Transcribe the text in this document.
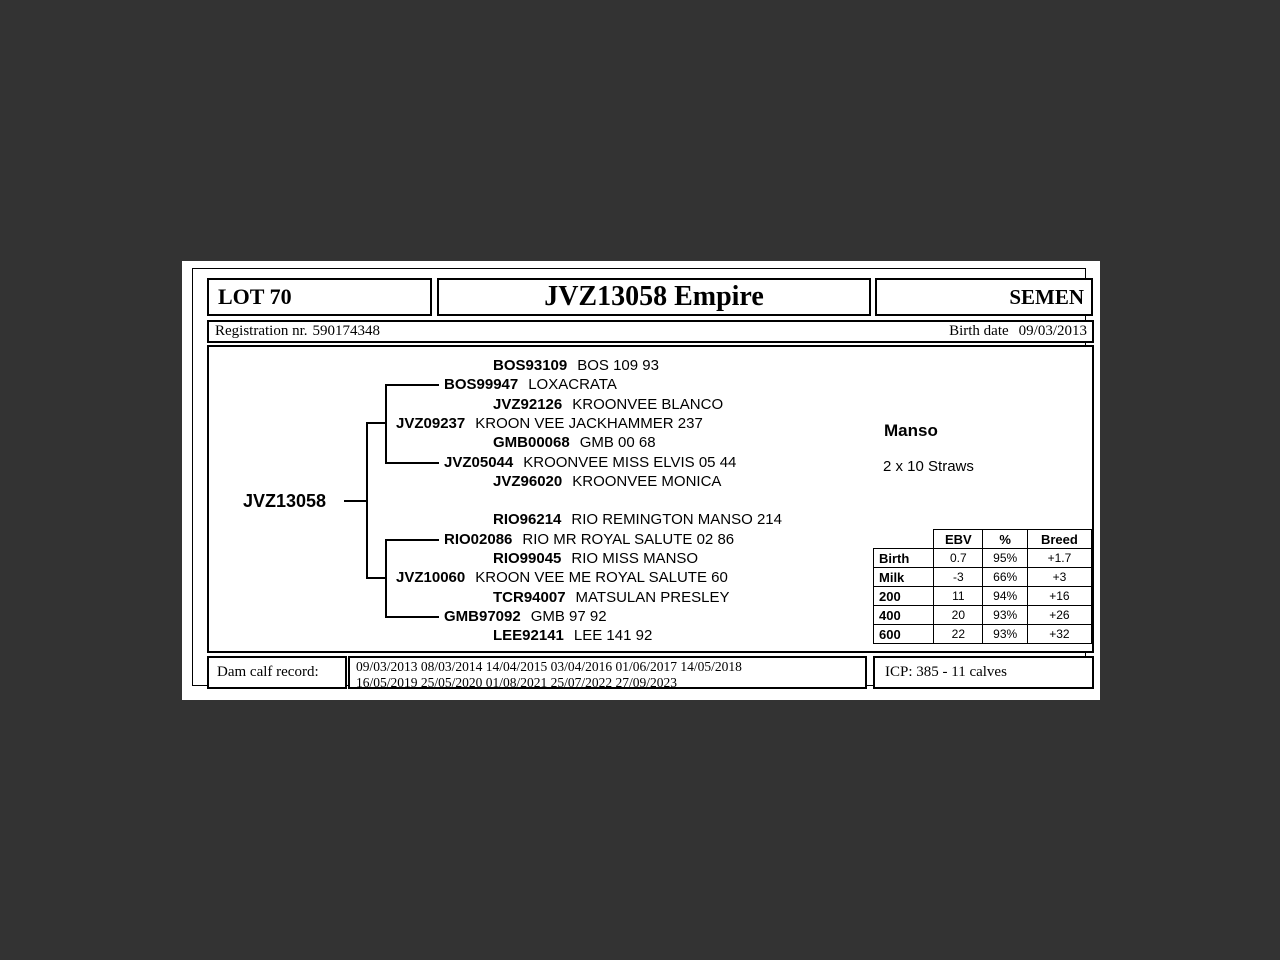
LOT 70	JVZ13058 Empire	SEMEN
Registration nr. 590174348	Birth date 09/03/2013
JVZ13058
BOS93109 BOS 109 93
BOS99947 LOXACRATA
JVZ92126 KROONVEE BLANCO
JVZ09237 KROON VEE JACKHAMMER 237
GMB00068 GMB 00 68
JVZ05044 KROONVEE MISS ELVIS 05 44
JVZ96020 KROONVEE MONICA
RIO96214 RIO REMINGTON MANSO 214
RIO02086 RIO MR ROYAL SALUTE 02 86
RIO99045 RIO MISS MANSO
JVZ10060 KROON VEE ME ROYAL SALUTE 60
TCR94007 MATSULAN PRESLEY
GMB97092 GMB 97 92
LEE92141 LEE 141 92
Manso
2 x 10 Straws
	EBV	%	Breed
Birth	0.7	95%	+1.7
Milk	-3	66%	+3
200	11	94%	+16
400	20	93%	+26
600	22	93%	+32
Dam calf record:	09/03/2013 08/03/2014 14/04/2015 03/04/2016 01/06/2017 14/05/2018
16/05/2019 25/05/2020 01/08/2021 25/07/2022 27/09/2023
ICP: 385 - 11 calves
